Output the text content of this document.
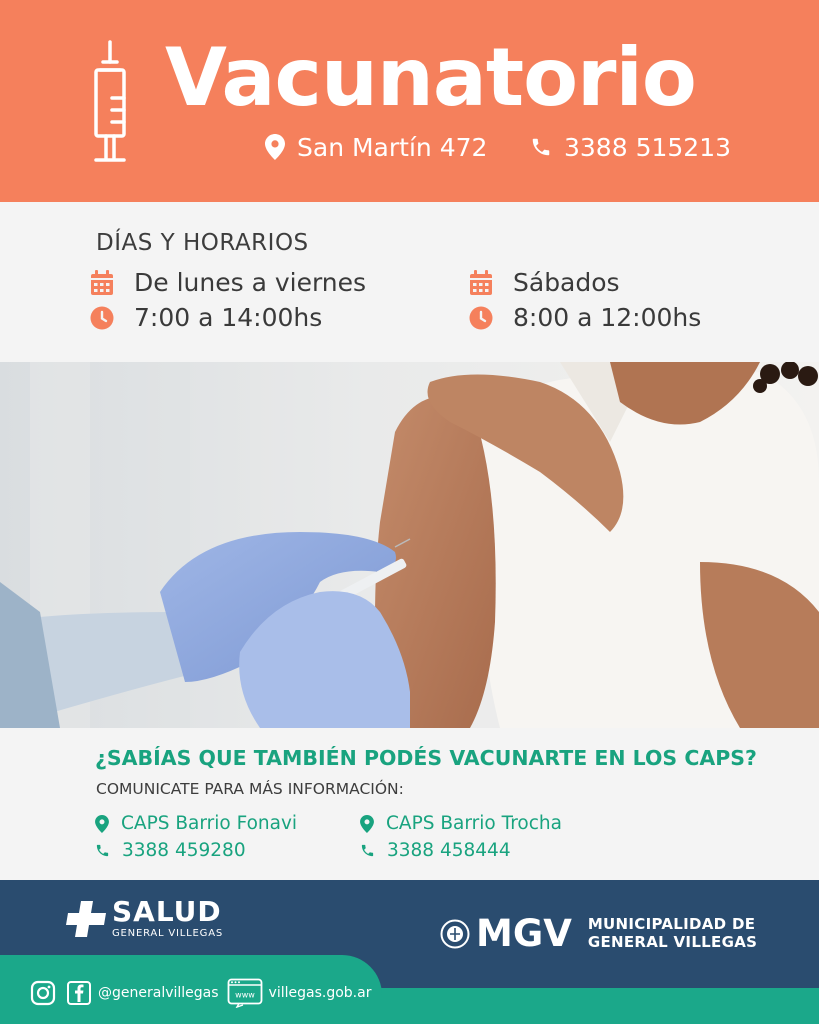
Vacunatorio
San Martín 472	3388 515213
DÍAS Y HORARIOS
De lunes a viernes
7:00 a 14:00hs
Sábados
8:00 a 12:00hs
¿SABÍAS QUE TAMBIÉN PODÉS VACUNARTE EN LOS CAPS?
COMUNICATE PARA MÁS INFORMACIÓN:
CAPS Barrio Fonavi
3388 459280
CAPS Barrio Trocha
3388 458444
SALUD
GENERAL VILLEGAS	MGV MUNICIPALIDAD DE
GENERAL VILLEGAS
@generalvillegas www villegas.gob.ar
